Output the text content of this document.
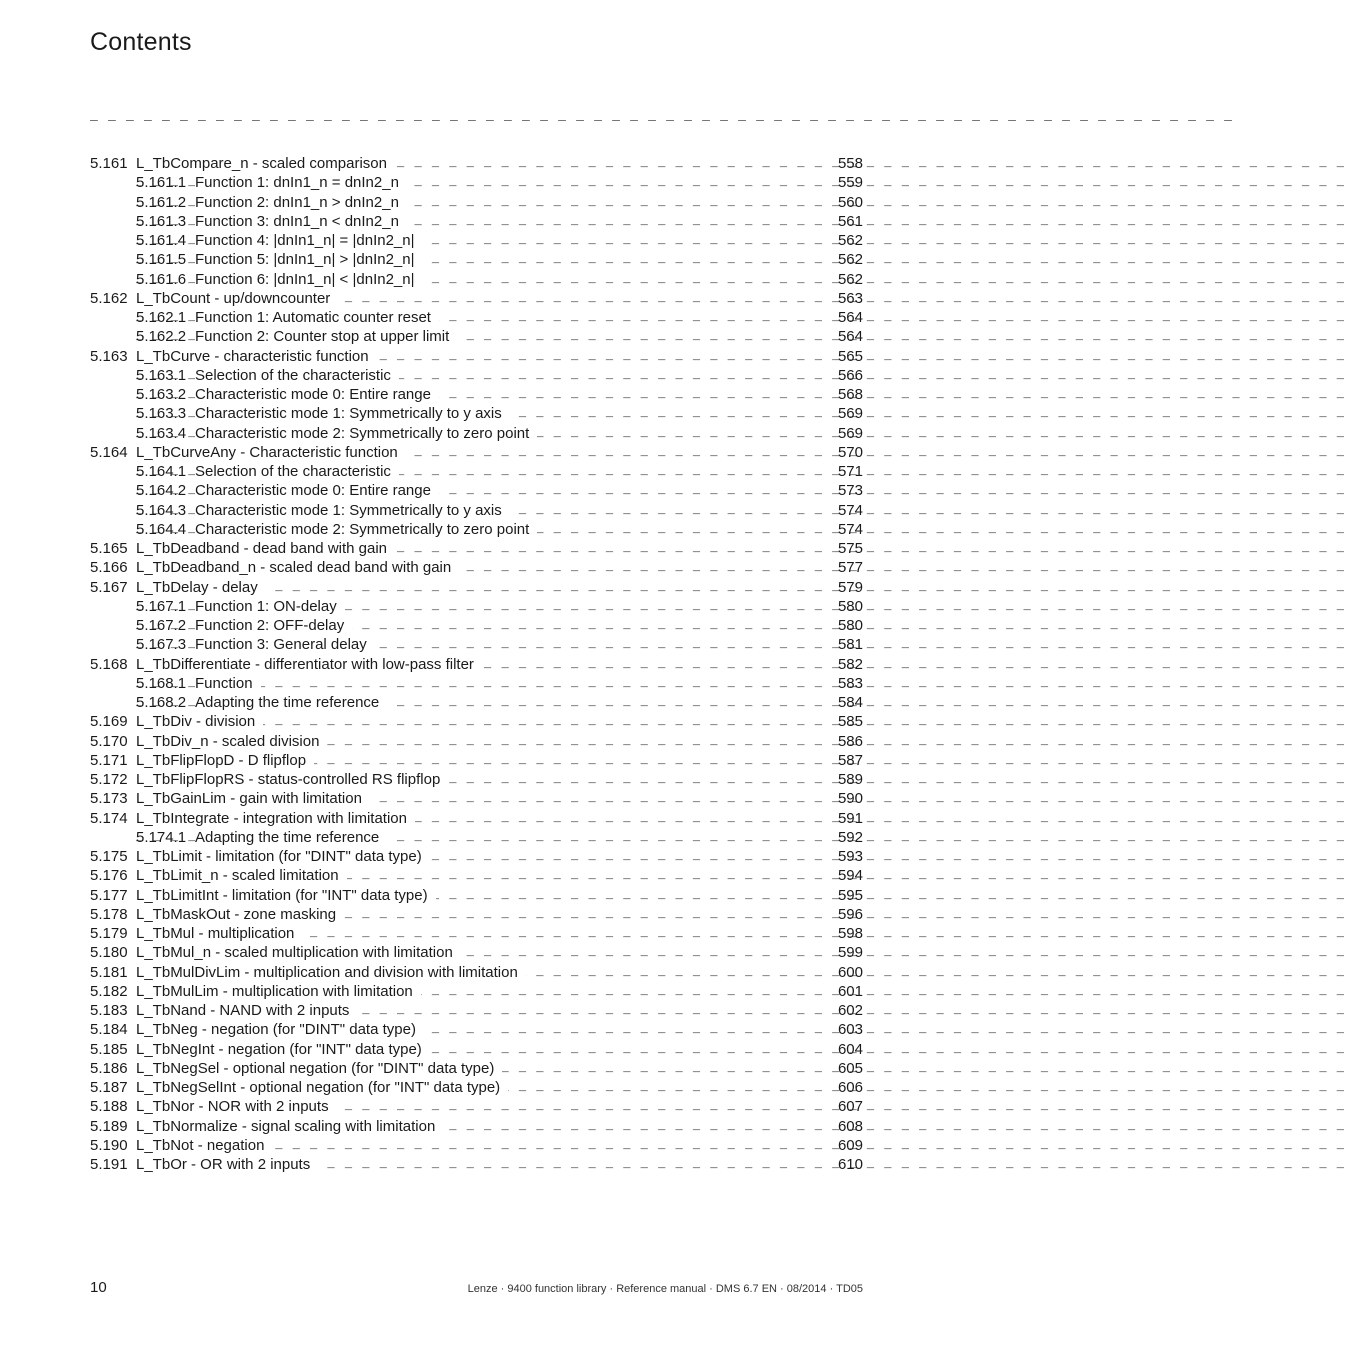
Contents
_ _ _ _ _ _ _ _ _ _ _ _ _ _ _ _ _ _ _ _ _ _ _ _ _ _ _ _ _ _ _ _ _ _ _ _ _ _ _ _ _ _ _ _ _ _ _ _ _ _ _ _ _ _ _ _ _ _ _ _ _ _ _ _
_ _ _
5.161 L_TbCompare_n - scaled comparison	558
_ _ _
5.161.1 Function 1: dnIn1_n = dnIn2_n	559
_ _ _
5.161.2 Function 2: dnIn1_n > dnIn2_n	560
_ _ _
5.161.3 Function 3: dnIn1_n < dnIn2_n	561
_ _ _
5.161.4 Function 4: |dnIn1_n| = |dnIn2_n|	562
_ _ _
5.161.5 Function 5: |dnIn1_n| > |dnIn2_n|	562
_ _ _
5.161.6 Function 6: |dnIn1_n| < |dnIn2_n|	562
_ _ _
5.162 L_TbCount - up/downcounter	563
_ _ _
5.162.1 Function 1: Automatic counter reset	564
_ _ _
5.162.2 Function 2: Counter stop at upper limit	564
_ _ _
5.163 L_TbCurve - characteristic function	565
_ _ _
5.163.1 Selection of the characteristic	566
_ _ _
5.163.2 Characteristic mode 0: Entire range	568
_ _ _
5.163.3 Characteristic mode 1: Symmetrically to y axis	569
_ _ _
5.163.4 Characteristic mode 2: Symmetrically to zero point	569
_ _ _
5.164 L_TbCurveAny - Characteristic function	570
_ _ _
5.164.1 Selection of the characteristic	571
_ _ _
5.164.2 Characteristic mode 0: Entire range	573
_ _ _
5.164.3 Characteristic mode 1: Symmetrically to y axis	574
_ _ _
5.164.4 Characteristic mode 2: Symmetrically to zero point	574
_ _ _
5.165 L_TbDeadband - dead band with gain	575
_ _ _
5.166 L_TbDeadband_n - scaled dead band with gain	577
_ _ _
5.167 L_TbDelay - delay	579
_ _ _
5.167.1 Function 1: ON-delay	580
_ _ _
5.167.2 Function 2: OFF-delay	580
_ _ _
5.167.3 Function 3: General delay	581
_ _ _
5.168 L_TbDifferentiate - differentiator with low-pass filter	582
_ _ _
5.168.1 Function	583
_ _ _
5.168.2 Adapting the time reference	584
_ _ _
5.169 L_TbDiv - division	585
_ _ _
5.170 L_TbDiv_n - scaled division	586
_ _ _
5.171 L_TbFlipFlopD - D flipflop	587
_ _ _
5.172 L_TbFlipFlopRS - status-controlled RS flipflop	589
_ _ _
5.173 L_TbGainLim - gain with limitation	590
_ _ _
5.174 L_TbIntegrate - integration with limitation	591
_ _ _
5.174.1 Adapting the time reference	592
_ _ _
5.175 L_TbLimit - limitation (for "DINT" data type)	593
_ _ _
5.176 L_TbLimit_n - scaled limitation	594
_ _ _
5.177 L_TbLimitInt - limitation (for "INT" data type)	595
_ _ _
5.178 L_TbMaskOut - zone masking	596
_ _ _
5.179 L_TbMul - multiplication	598
_ _ _
5.180 L_TbMul_n - scaled multiplication with limitation	599
_ _ _
5.181 L_TbMulDivLim - multiplication and division with limitation	600
_ _ _
5.182 L_TbMulLim - multiplication with limitation	601
_ _ _
5.183 L_TbNand - NAND with 2 inputs	602
_ _ _
5.184 L_TbNeg - negation (for "DINT" data type)	603
_ _ _
5.185 L_TbNegInt - negation (for "INT" data type)	604
_ _ _
5.186 L_TbNegSel - optional negation (for "DINT" data type)	605
_ _ _
5.187 L_TbNegSelInt - optional negation (for "INT" data type)	606
_ _ _
5.188 L_TbNor - NOR with 2 inputs	607
_ _ _
5.189 L_TbNormalize - signal scaling with limitation	608
_ _ _
5.190 L_TbNot - negation	609
_ _ _
5.191 L_TbOr - OR with 2 inputs	610
10	Lenze · 9400 function library · Reference manual · DMS 6.7 EN · 08/2014 · TD05
